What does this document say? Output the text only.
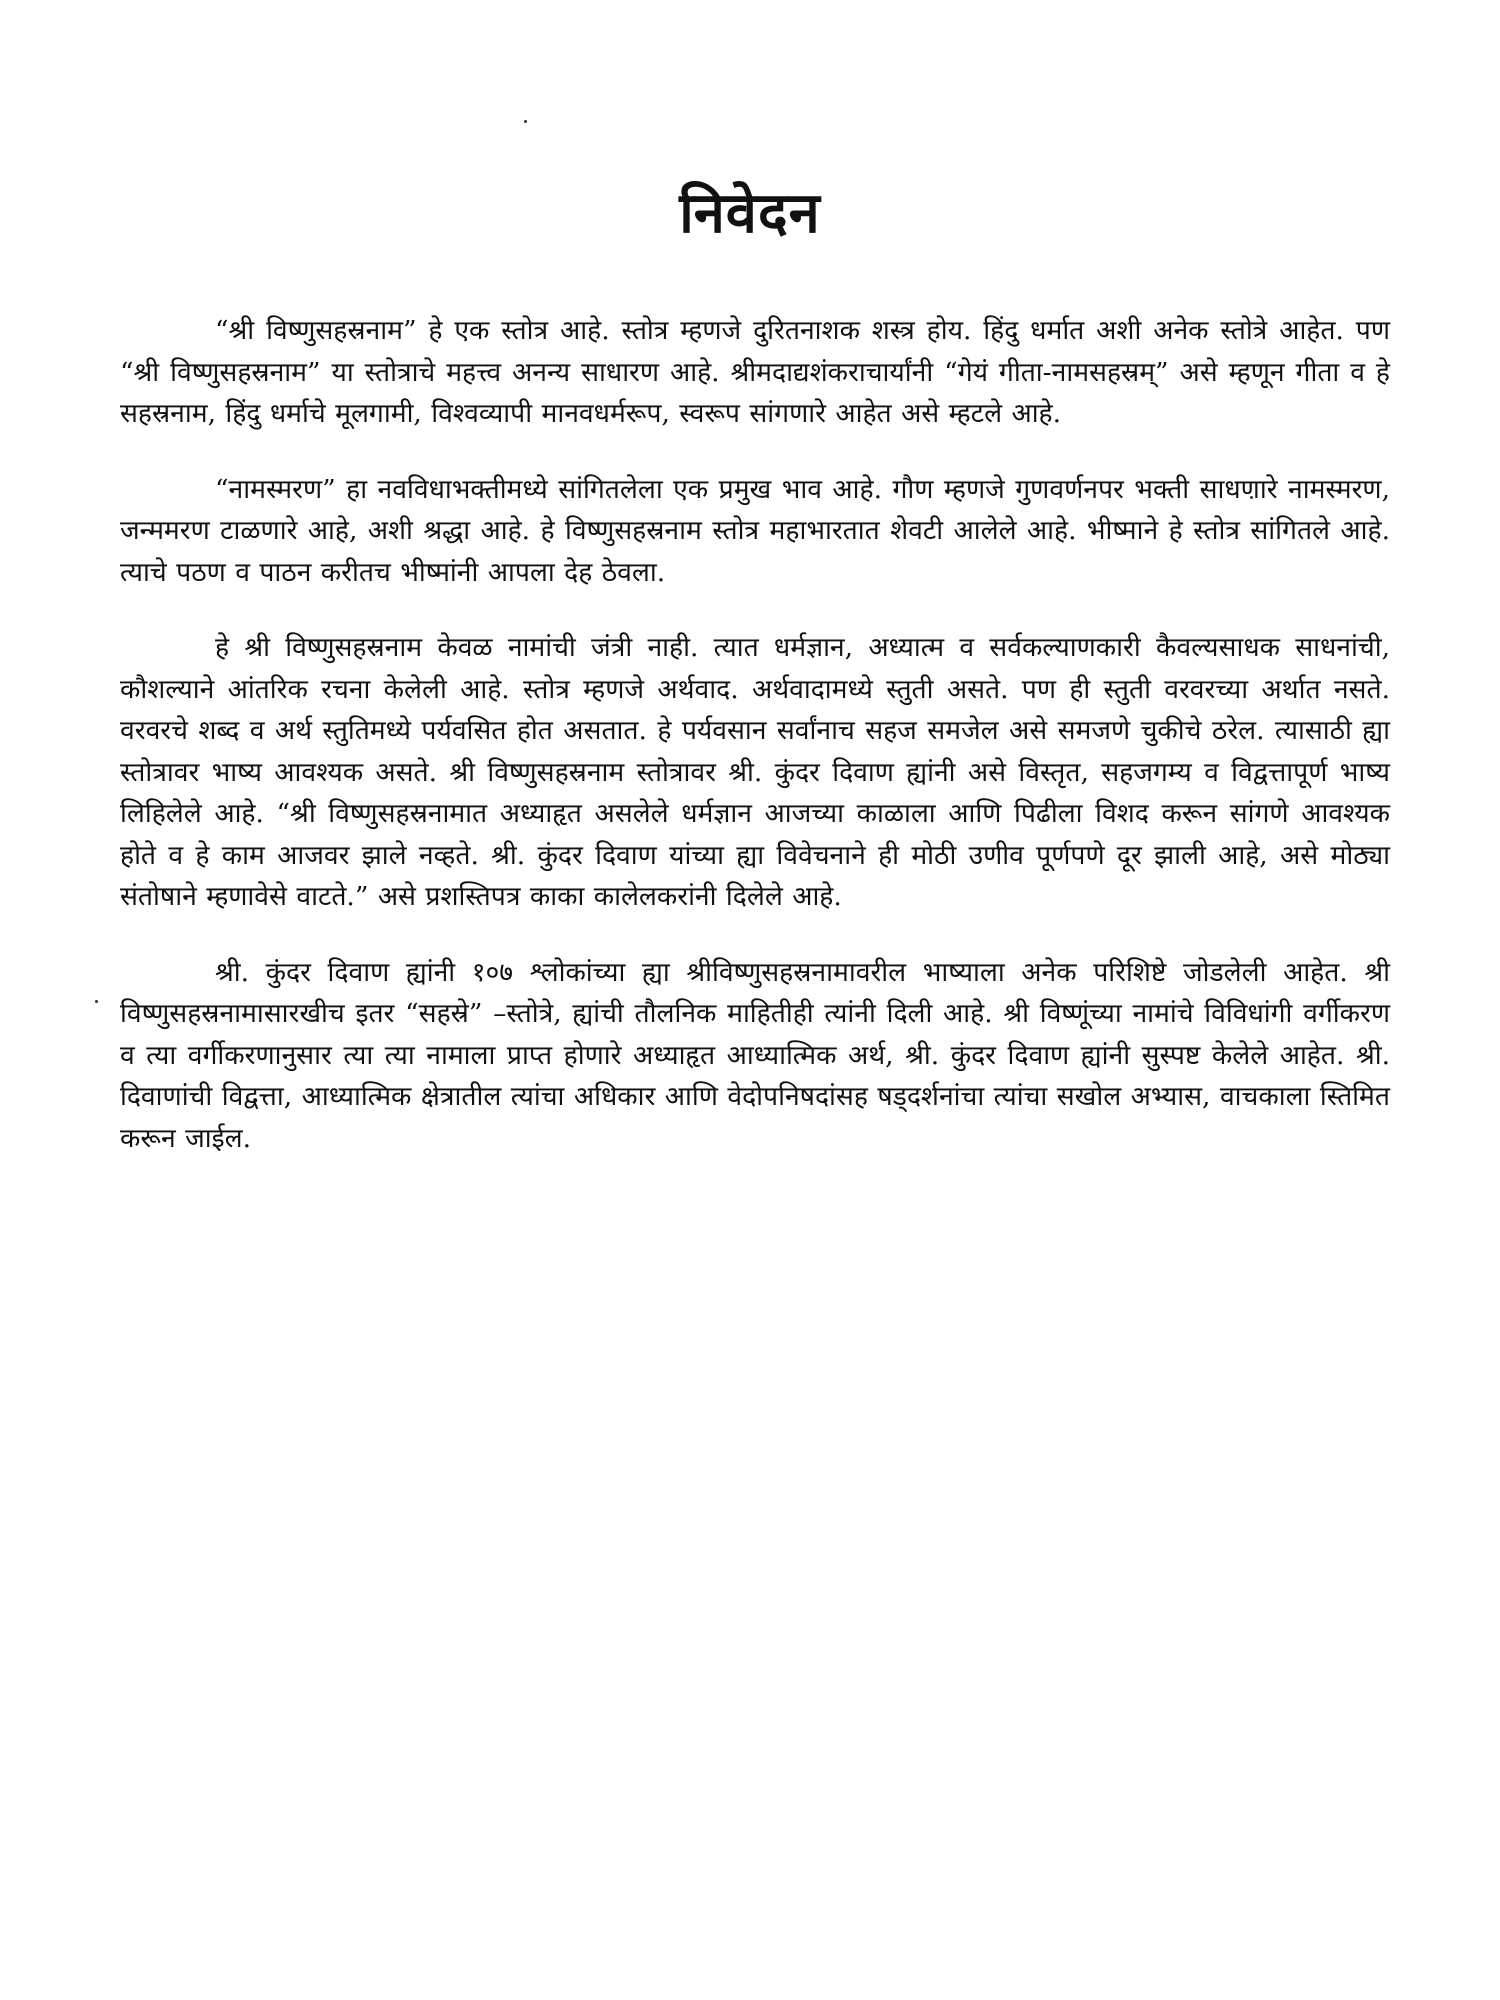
निवेदन

“श्री विष्णुसहस्रनाम” हे एक स्तोत्र आहे. स्तोत्र म्हणजे दुरितनाशक शस्त्र होय. हिंदु धर्मात अशी अनेक स्तोत्रे आहेत. पण “श्री विष्णुसहस्रनाम” या स्तोत्राचे महत्त्व अनन्य साधारण आहे. श्रीमदाद्यशंकराचार्यांनी “गेयं गीता-नामसहस्रम्” असे म्हणून गीता व हे सहस्रनाम, हिंदु धर्माचे मूलगामी, विश्वव्यापी मानवधर्मरूप, स्वरूप सांगणारे आहेत असे म्हटले आहे.

“नामस्मरण” हा नवविधाभक्तीमध्ये सांगितलेला एक प्रमुख भाव आहे. गौण म्हणजे गुणवर्णनपर भक्ती साधणारे नामस्मरण, जन्ममरण टाळणारे आहे, अशी श्रद्धा आहे. हे विष्णुसहस्रनाम स्तोत्र महाभारतात शेवटी आलेले आहे. भीष्माने हे स्तोत्र सांगितले आहे. त्याचे पठण व पाठन करीतच भीष्मांनी आपला देह ठेवला.

हे श्री विष्णुसहस्रनाम केवळ नामांची जंत्री नाही. त्यात धर्मज्ञान, अध्यात्म व सर्वकल्याणकारी कैवल्यसाधक साधनांची, कौशल्याने आंतरिक रचना केलेली आहे. स्तोत्र म्हणजे अर्थवाद. अर्थवादामध्ये स्तुती असते. पण ही स्तुती वरवरच्या अर्थात नसते. वरवरचे शब्द व अर्थ स्तुतिमध्ये पर्यवसित होत असतात. हे पर्यवसान सर्वांनाच सहज समजेल असे समजणे चुकीचे ठरेल. त्यासाठी ह्या स्तोत्रावर भाष्य आवश्यक असते. श्री विष्णुसहस्रनाम स्तोत्रावर श्री. कुंदर दिवाण ह्यांनी असे विस्तृत, सहजगम्य व विद्वत्तापूर्ण भाष्य लिहिलेले आहे. “श्री विष्णुसहस्रनामात अध्याहृत असलेले धर्मज्ञान आजच्या काळाला आणि पिढीला विशद करून सांगणे आवश्यक होते व हे काम आजवर झाले नव्हते. श्री. कुंदर दिवाण यांच्या ह्या विवेचनाने ही मोठी उणीव पूर्णपणे दूर झाली आहे, असे मोठ्या संतोषाने म्हणावेसे वाटते.” असे प्रशस्तिपत्र काका कालेलकरांनी दिलेले आहे.

श्री. कुंदर दिवाण ह्यांनी १०७ श्लोकांच्या ह्या श्रीविष्णुसहस्रनामावरील भाष्याला अनेक परिशिष्टे जोडलेली आहेत. श्री विष्णुसहस्रनामासारखीच इतर “सहस्रे” –स्तोत्रे, ह्यांची तौलनिक माहितीही त्यांनी दिली आहे. श्री विष्णूंच्या नामांचे विविधांगी वर्गीकरण व त्या वर्गीकरणानुसार त्या त्या नामाला प्राप्त होणारे अध्याहृत आध्यात्मिक अर्थ, श्री. कुंदर दिवाण ह्यांनी सुस्पष्ट केलेले आहेत. श्री. दिवाणांची विद्वत्ता, आध्यात्मिक क्षेत्रातील त्यांचा अधिकार आणि वेदोपनिषदांसह षड्दर्शनांचा त्यांचा सखोल अभ्यास, वाचकाला स्तिमित करून जाईल.
